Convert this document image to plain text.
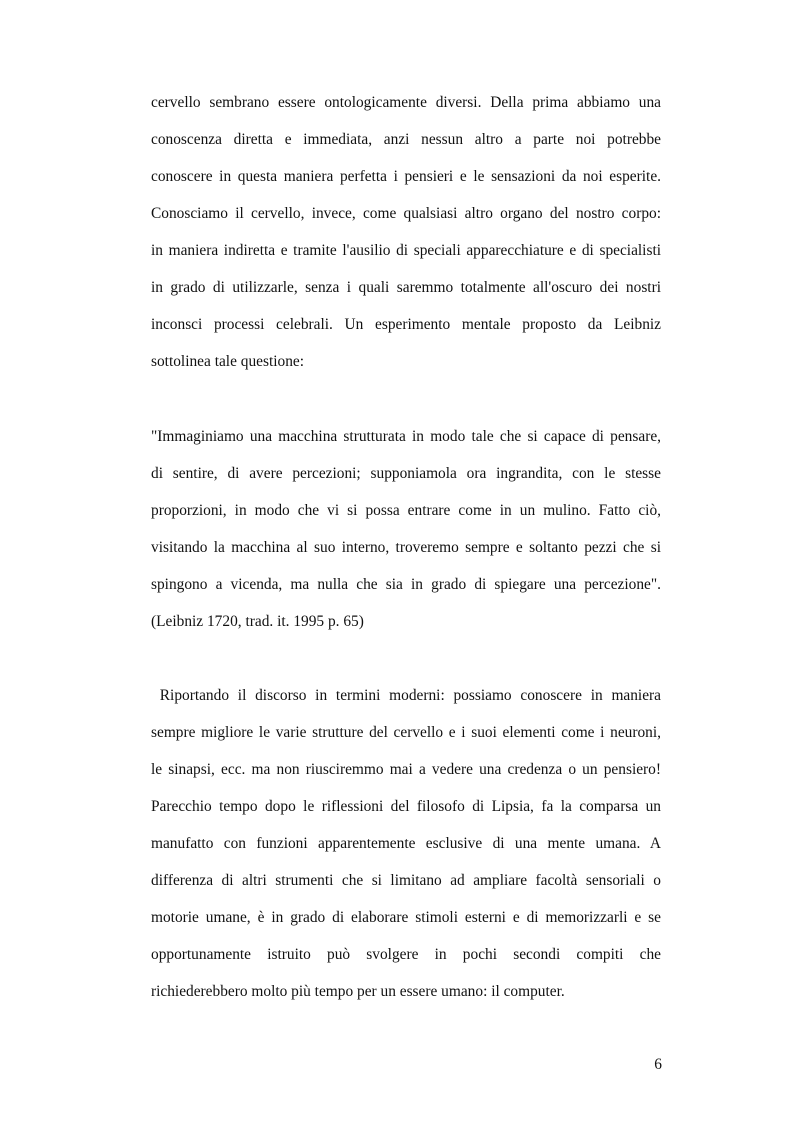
cervello sembrano essere ontologicamente diversi. Della prima abbiamo una
conoscenza diretta e immediata, anzi nessun altro a parte noi potrebbe
conoscere in questa maniera perfetta i pensieri e le sensazioni da noi esperite.
Conosciamo il cervello, invece, come qualsiasi altro organo del nostro corpo:
in maniera indiretta e tramite l'ausilio di speciali apparecchiature e di specialisti
in grado di utilizzarle, senza i quali saremmo totalmente all'oscuro dei nostri
inconsci processi celebrali. Un esperimento mentale proposto da Leibniz
sottolinea tale questione:
"Immaginiamo una macchina strutturata in modo tale che si capace di pensare,
di sentire, di avere percezioni; supponiamola ora ingrandita, con le stesse
proporzioni, in modo che vi si possa entrare come in un mulino. Fatto ciò,
visitando la macchina al suo interno, troveremo sempre e soltanto pezzi che si
spingono a vicenda, ma nulla che sia in grado di spiegare una percezione".
(Leibniz 1720, trad. it. 1995 p. 65)
Riportando il discorso in termini moderni: possiamo conoscere in maniera
sempre migliore le varie strutture del cervello e i suoi elementi come i neuroni,
le sinapsi, ecc. ma non riusciremmo mai a vedere una credenza o un pensiero!
Parecchio tempo dopo le riflessioni del filosofo di Lipsia, fa la comparsa un
manufatto con funzioni apparentemente esclusive di una mente umana. A
differenza di altri strumenti che si limitano ad ampliare facoltà sensoriali o
motorie umane, è in grado di elaborare stimoli esterni e di memorizzarli e se
opportunamente istruito può svolgere in pochi secondi compiti che
richiederebbero molto più tempo per un essere umano: il computer.
6
